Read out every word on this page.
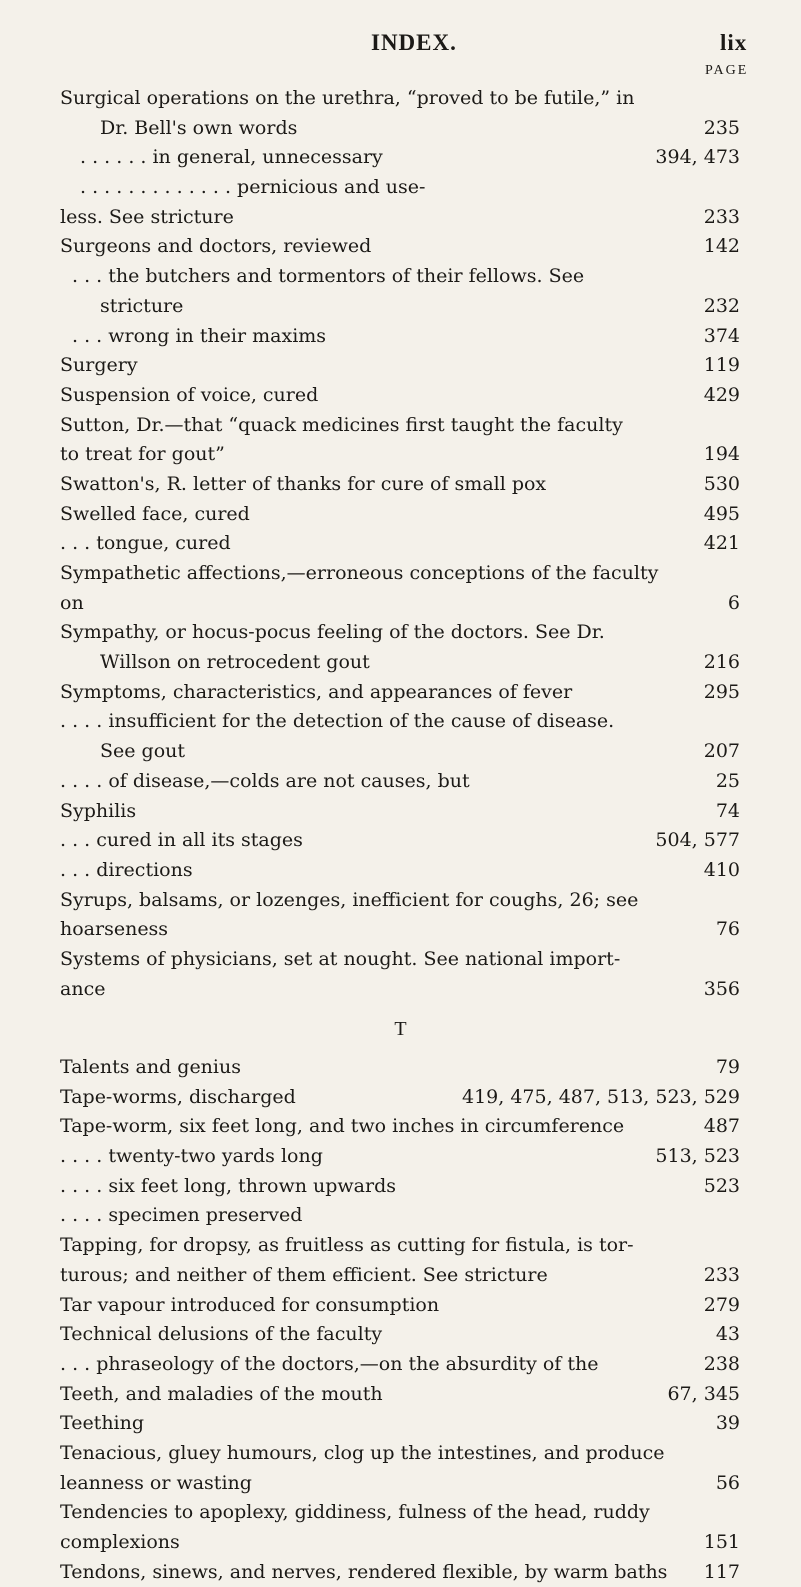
INDEX.	lix
PAGE
Surgical operations on the urethra, “proved to be futile,” in
Dr. Bell's own words	235
. . . . . . in general, unnecessary	394, 473
. . . . . . . . . . . . . pernicious and use-
less. See stricture	233
Surgeons and doctors, reviewed	142
. . . the butchers and tormentors of their fellows. See
stricture	232
. . . wrong in their maxims	374
Surgery	119
Suspension of voice, cured	429
Sutton, Dr.—that “quack medicines first taught the faculty
to treat for gout”	194
Swatton's, R. letter of thanks for cure of small pox	530
Swelled face, cured	495
. . . tongue, cured	421
Sympathetic affections,—erroneous conceptions of the faculty
on	6
Sympathy, or hocus-pocus feeling of the doctors. See Dr.
Willson on retrocedent gout	216
Symptoms, characteristics, and appearances of fever	295
. . . . insufficient for the detection of the cause of disease.
See gout	207
. . . . of disease,—colds are not causes, but	25
Syphilis	74
. . . cured in all its stages	504, 577
. . . directions	410
Syrups, balsams, or lozenges, inefficient for coughs, 26; see
hoarseness	76
Systems of physicians, set at nought. See national import-
ance	356
T
Talents and genius	79
Tape-worms, discharged	419, 475, 487, 513, 523, 529
Tape-worm, six feet long, and two inches in circumference	487
. . . . twenty-two yards long	513, 523
. . . . six feet long, thrown upwards	523
. . . . specimen preserved
Tapping, for dropsy, as fruitless as cutting for fistula, is tor-
turous; and neither of them efficient. See stricture	233
Tar vapour introduced for consumption	279
Technical delusions of the faculty	43
. . . phraseology of the doctors,—on the absurdity of the	238
Teeth, and maladies of the mouth	67, 345
Teething	39
Tenacious, gluey humours, clog up the intestines, and produce
leanness or wasting	56
Tendencies to apoplexy, giddiness, fulness of the head, ruddy
complexions	151
Tendons, sinews, and nerves, rendered flexible, by warm baths 117
